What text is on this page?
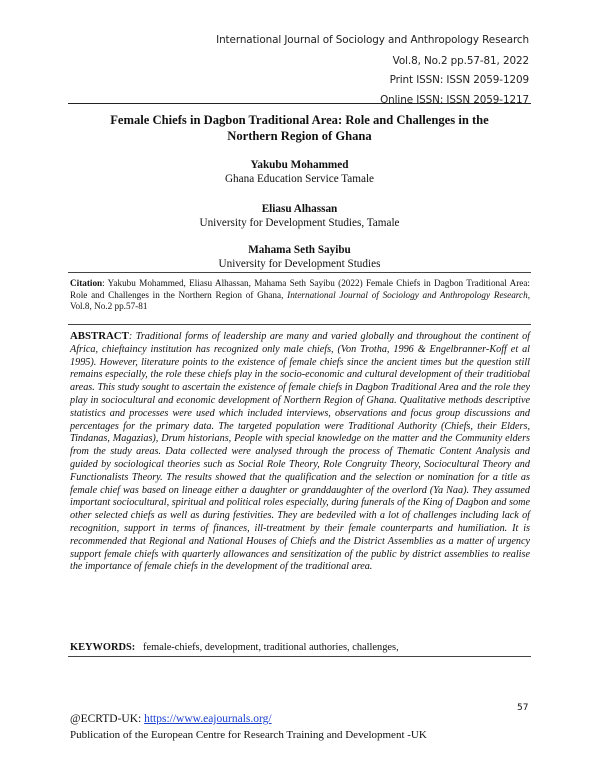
International Journal of Sociology and Anthropology Research
Vol.8, No.2 pp.57-81, 2022
Print ISSN: ISSN 2059-1209
Online ISSN: ISSN 2059-1217
Female Chiefs in Dagbon Traditional Area: Role and Challenges in the
Northern Region of Ghana
Yakubu Mohammed
Ghana Education Service Tamale
Eliasu Alhassan
University for Development Studies, Tamale
Mahama Seth Sayibu
University for Development Studies
Citation: Yakubu Mohammed, Eliasu Alhassan, Mahama Seth Sayibu (2022) Female Chiefs in Dagbon Traditional Area: Role and Challenges in the Northern Region of Ghana, International Journal of Sociology and Anthropology Research, Vol.8, No.2 pp.57-81
ABSTRACT: Traditional forms of leadership are many and varied globally and throughout the continent of Africa, chieftaincy institution has recognized only male chiefs, (Von Trotha, 1996 & Engelbranner-Koff et al 1995). However, literature points to the existence of female chiefs since the ancient times but the question still remains especially, the role these chiefs play in the socio-economic and cultural development of their traditiobal areas. This study sought to ascertain the existence of female chiefs in Dagbon Traditional Area and the role they play in sociocultural and economic development of Northern Region of Ghana. Qualitative methods descriptive statistics and processes were used which included interviews, observations and focus group discussions and percentages for the primary data. The targeted population were Traditional Authority (Chiefs, their Elders, Tindanas, Magazias), Drum historians, People with special knowledge on the matter and the Community elders from the study areas. Data collected were analysed through the process of Thematic Content Analysis and guided by sociological theories such as Social Role Theory, Role Congruity Theory, Sociocultural Theory and Functionalists Theory. The results showed that the qualification and the selection or nomination for a title as female chief was based on lineage either a daughter or granddaughter of the overlord (Ya Naa). They assumed important sociocultural, spiritual and political roles especially, during funerals of the King of Dagbon and some other selected chiefs as well as during festivities. They are bedeviled with a lot of challenges including lack of recognition, support in terms of finances, ill-treatment by their female counterparts and humiliation. It is recommended that Regional and National Houses of Chiefs and the District Assemblies as a matter of urgency support female chiefs with quarterly allowances and sensitization of the public by district assemblies to realise the importance of female chiefs in the development of the traditional area.
KEYWORDS: female-chiefs, development, traditional authories, challenges,
57
@ECRTD-UK: https://www.eajournals.org/
Publication of the European Centre for Research Training and Development -UK
